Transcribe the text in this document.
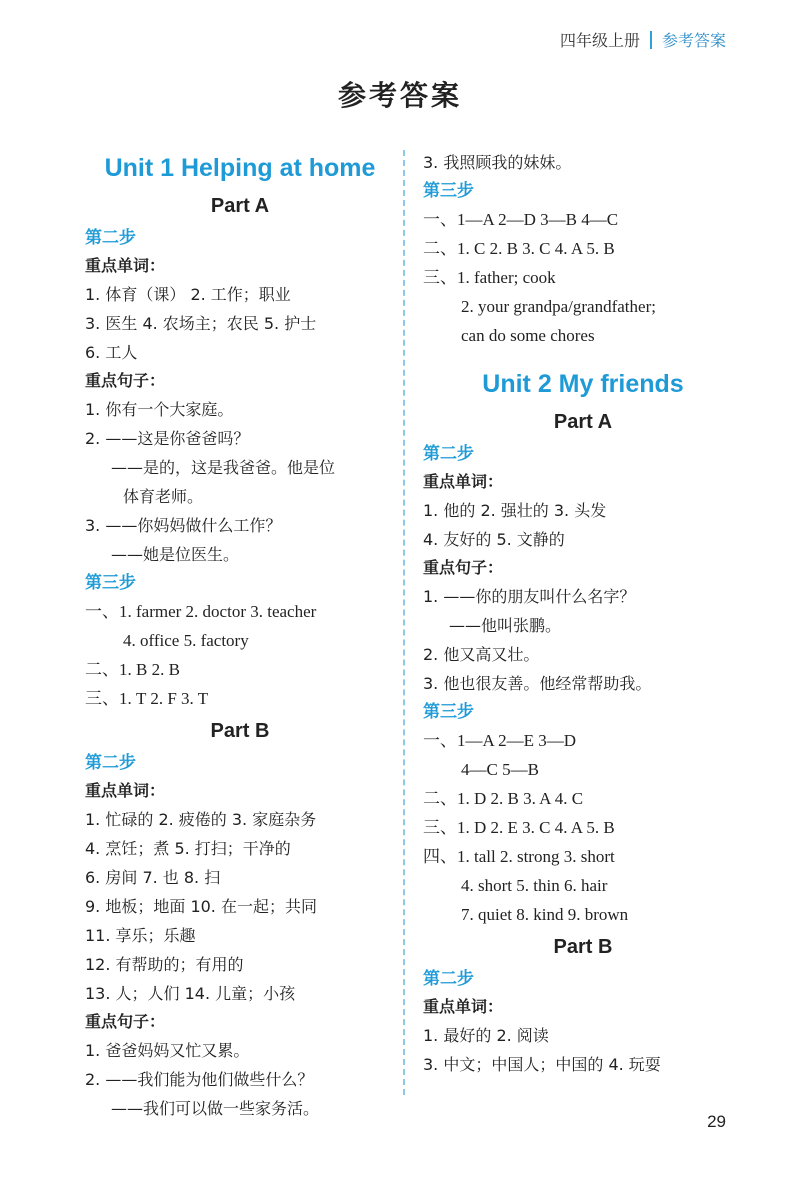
四年级上册 参考答案
参考答案
Unit 1 Helping at home
Part A
第二步
重点单词：
1. 体育（课） 2. 工作；职业
3. 医生 4. 农场主；农民 5. 护士
6. 工人
重点句子：
1. 你有一个大家庭。
2. ——这是你爸爸吗？
——是的，这是我爸爸。他是位
体育老师。
3. ——你妈妈做什么工作？
——她是位医生。
第三步
一、1. farmer 2. doctor 3. teacher
4. office 5. factory
二、1. B 2. B
三、1. T 2. F 3. T
Part B
第二步
重点单词：
1. 忙碌的 2. 疲倦的 3. 家庭杂务
4. 烹饪；煮 5. 打扫；干净的
6. 房间 7. 也 8. 扫
9. 地板；地面 10. 在一起；共同
11. 享乐；乐趣
12. 有帮助的；有用的
13. 人；人们 14. 儿童；小孩
重点句子：
1. 爸爸妈妈又忙又累。
2. ——我们能为他们做些什么？
——我们可以做一些家务活。
3. 我照顾我的妹妹。
第三步
一、1—A 2—D 3—B 4—C
二、1. C 2. B 3. C 4. A 5. B
三、1. father; cook
2. your grandpa/grandfather;
can do some chores
Unit 2 My friends
Part A
第二步
重点单词：
1. 他的 2. 强壮的 3. 头发
4. 友好的 5. 文静的
重点句子：
1. ——你的朋友叫什么名字？
——他叫张鹏。
2. 他又高又壮。
3. 他也很友善。他经常帮助我。
第三步
一、1—A 2—E 3—D
4—C 5—B
二、1. D 2. B 3. A 4. C
三、1. D 2. E 3. C 4. A 5. B
四、1. tall 2. strong 3. short
4. short 5. thin 6. hair
7. quiet 8. kind 9. brown
Part B
第二步
重点单词：
1. 最好的 2. 阅读
3. 中文；中国人；中国的 4. 玩耍
29
